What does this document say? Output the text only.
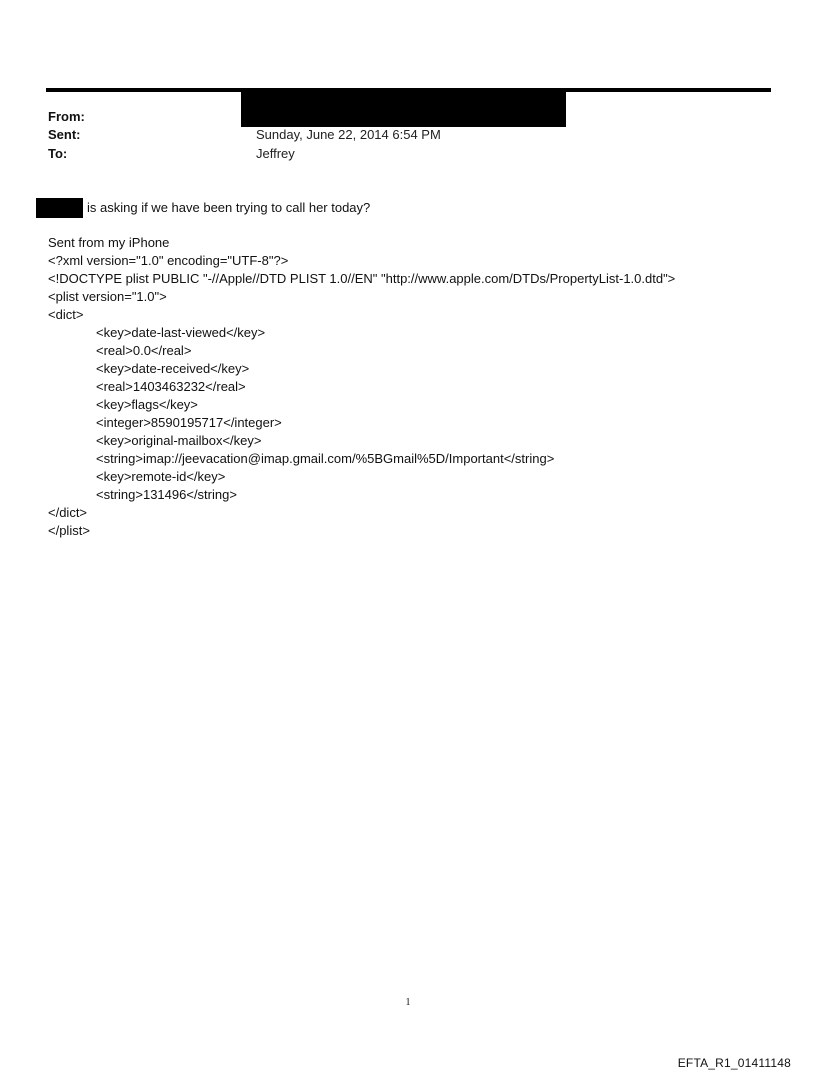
From:
Sent:	Sunday, June 22, 2014 6:54 PM
To:	Jeffrey
is asking if we have been trying to call her today?
Sent from my iPhone
<?xml version="1.0" encoding="UTF-8"?>
<!DOCTYPE plist PUBLIC "-//Apple//DTD PLIST 1.0//EN" "http://www.apple.com/DTDs/PropertyList-1.0.dtd">
<plist version="1.0">
<dict>
<key>date-last-viewed</key>
<real>0.0</real>
<key>date-received</key>
<real>1403463232</real>
<key>flags</key>
<integer>8590195717</integer>
<key>original-mailbox</key>
<string>imap://jeevacation@imap.gmail.com/%5BGmail%5D/Important</string>
<key>remote-id</key>
<string>131496</string>
</dict>
</plist>
1
EFTA_R1_01411148
